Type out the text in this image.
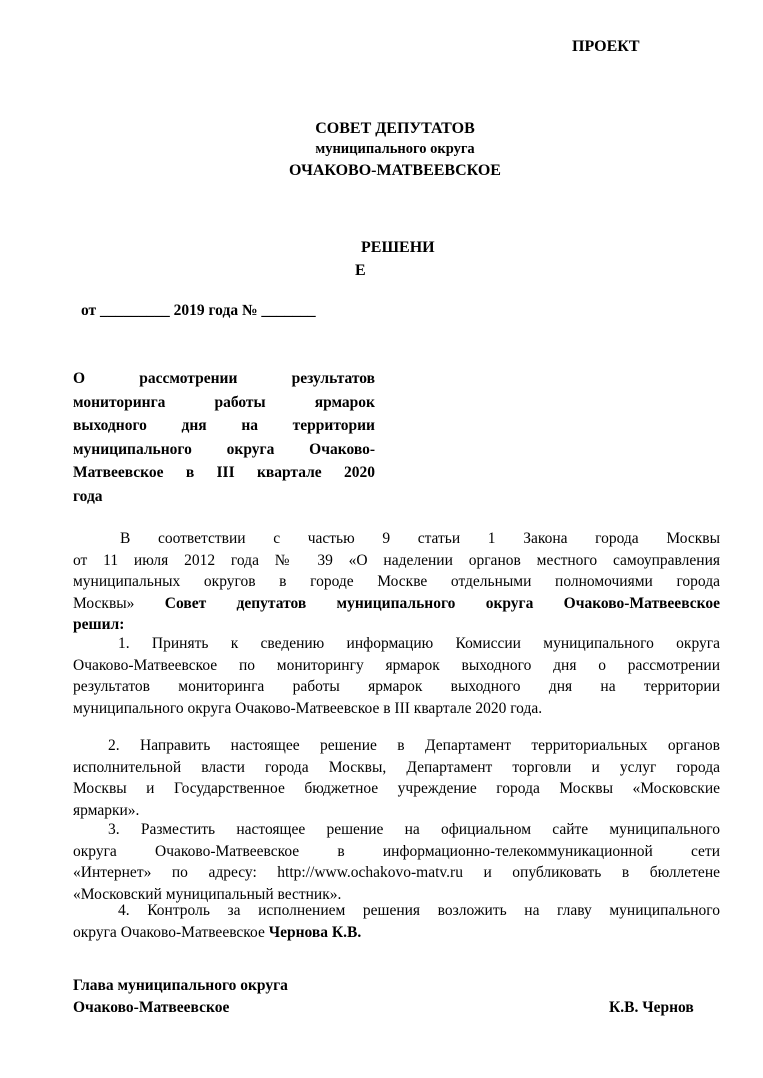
ПРОЕКТ
СОВЕТ ДЕПУТАТОВ
муниципального округа
ОЧАКОВО-МАТВЕЕВСКОЕ
РЕШЕНИ
Е
от _________ 2019 года № _______
О рассмотрении результатов
мониторинга работы ярмарок
выходного дня на территории
муниципального округа Очаково-
Матвеевское в III квартале 2020
года
В соответствии с частью 9 статьи 1 Закона города Москвы
от 11 июля 2012 года № 39 «О наделении органов местного самоуправления
муниципальных округов в городе Москве отдельными полномочиями города
Москвы» Совет депутатов муниципального округа Очаково-Матвеевское
решил:
1. Принять к сведению информацию Комиссии муниципального округа
Очаково-Матвеевское по мониторингу ярмарок выходного дня о рассмотрении
результатов мониторинга работы ярмарок выходного дня на территории
муниципального округа Очаково-Матвеевское в III квартале 2020 года.
2. Направить настоящее решение в Департамент территориальных органов
исполнительной власти города Москвы, Департамент торговли и услуг города
Москвы и Государственное бюджетное учреждение города Москвы «Московские
ярмарки».
3. Разместить настоящее решение на официальном сайте муниципального
округа Очаково-Матвеевское в информационно-телекоммуникационной сети
«Интернет» по адресу: http://www.ochakovo-matv.ru и опубликовать в бюллетене
«Московский муниципальный вестник».
4. Контроль за исполнением решения возложить на главу муниципального
округа Очаково-Матвеевское Чернова К.В.
Глава муниципального округа
Очаково-Матвеевское	К.В. Чернов
